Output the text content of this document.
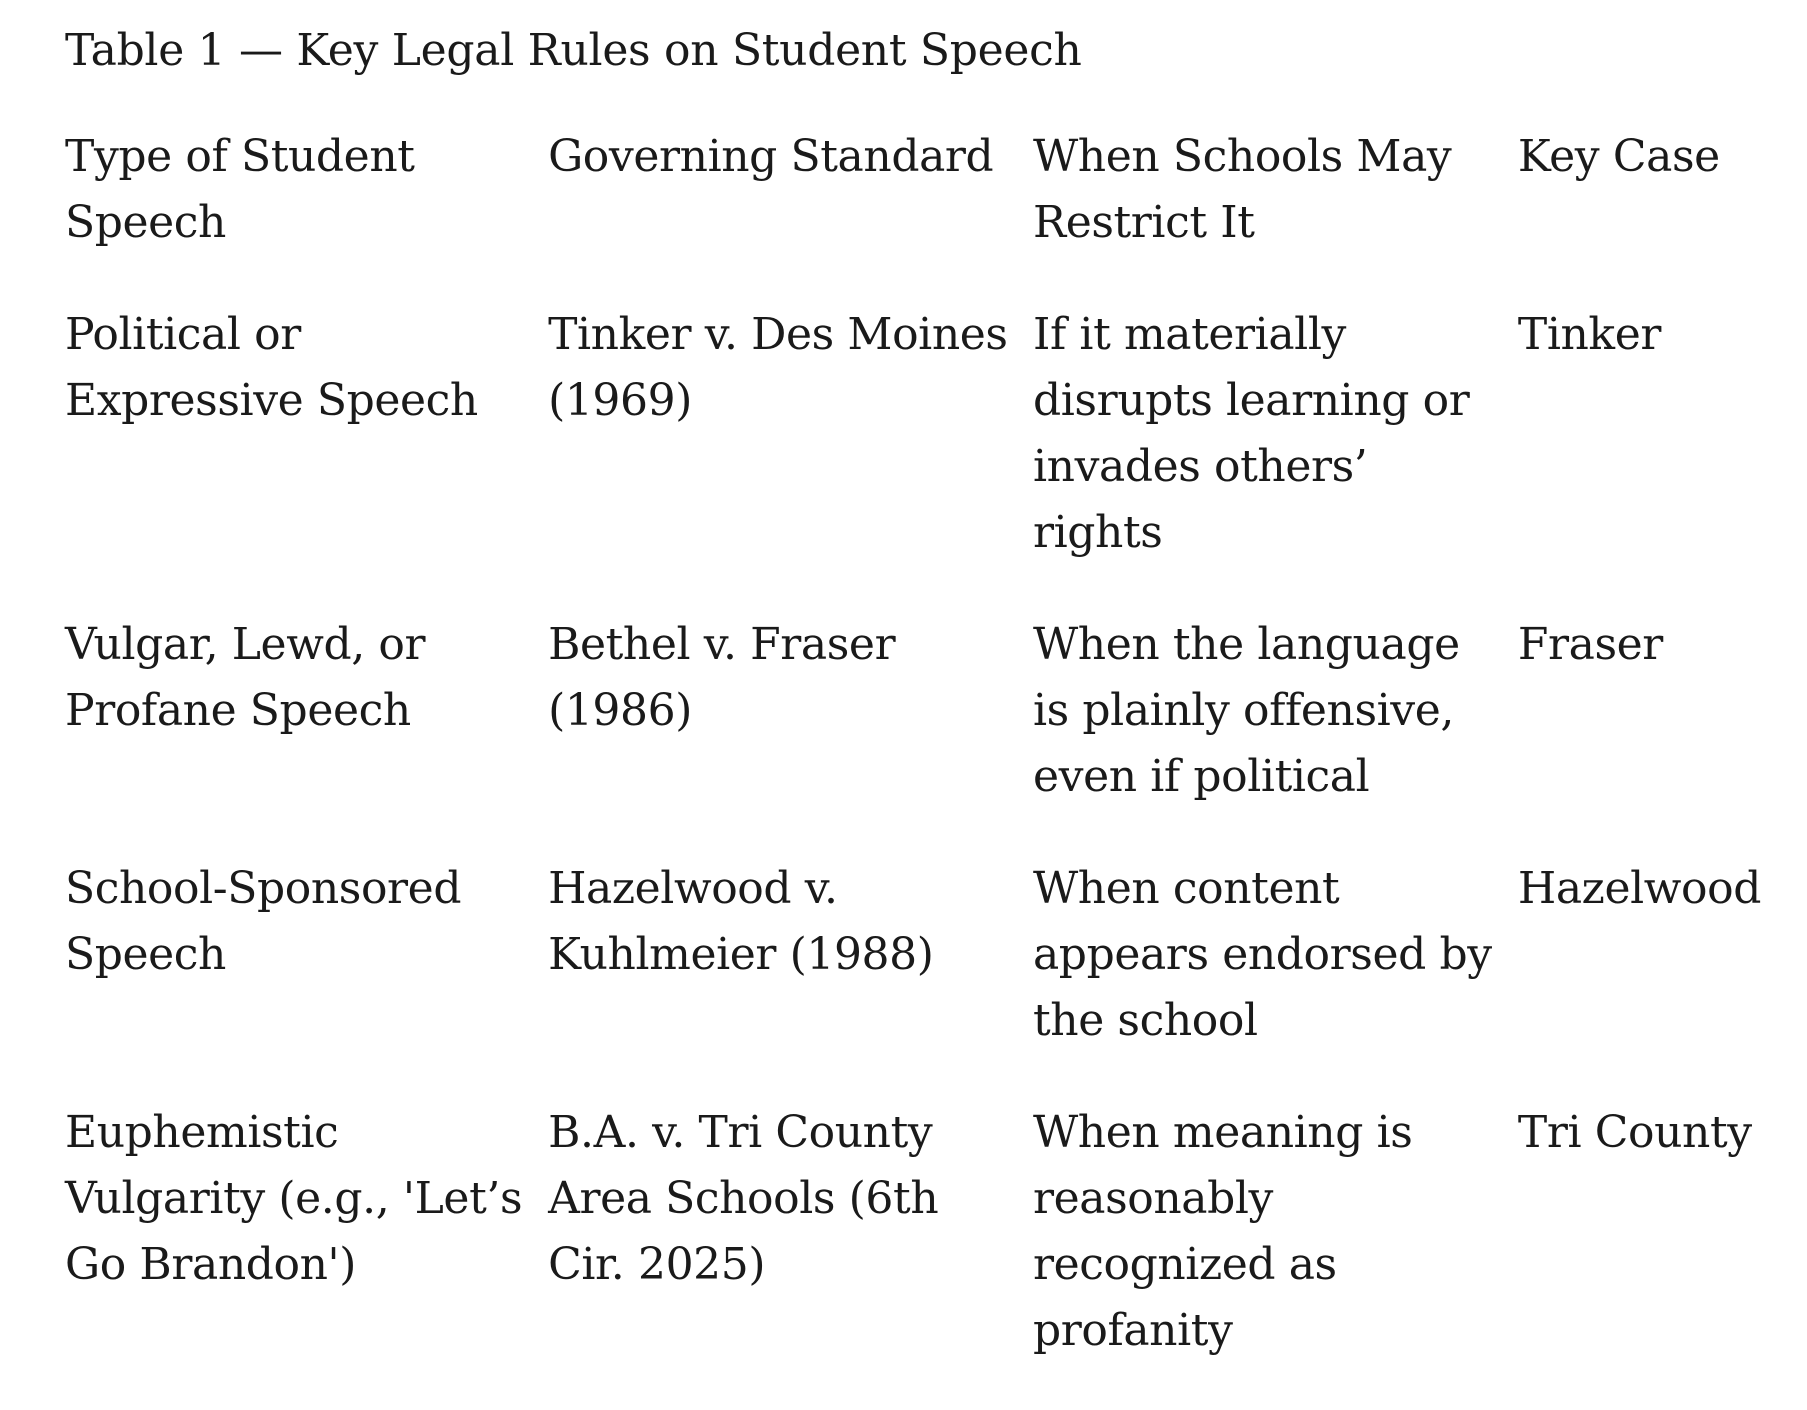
Table 1 — Key Legal Rules on Student Speech
Type of Student Speech	Governing Standard	When Schools May Restrict It	Key Case
Political or Expressive Speech	Tinker v. Des Moines (1969)	If it materially disrupts learning or invades others’ rights	Tinker
Vulgar, Lewd, or Profane Speech	Bethel v. Fraser (1986)	When the language is plainly offensive, even if political	Fraser
School-Sponsored Speech	Hazelwood v. Kuhlmeier (1988)	When content appears endorsed by the school	Hazelwood
Euphemistic Vulgarity (e.g., 'Let’s Go Brandon')	B.A. v. Tri County Area Schools (6th Cir. 2025)	When meaning is reasonably recognized as profanity	Tri County
